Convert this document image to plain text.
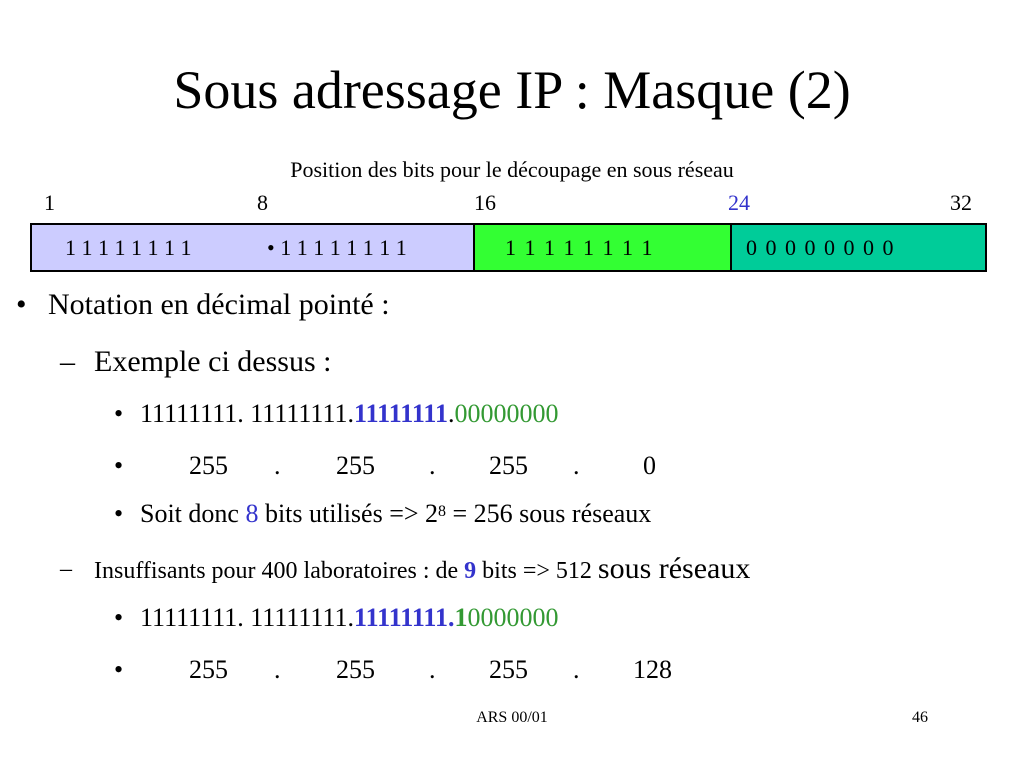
Sous adressage IP : Masque (2)
Position des bits pour le découpage en sous réseau
1	8	16	24	32
1 1 1 1 1 1 1 1	• 1 1 1 1 1 1 1 1	1 1 1 1 1 1 1 1	0 0 0 0 0 0 0 0
• Notation en décimal pointé :
– Exemple ci dessus :
• 11111111. 11111111.11111111.00000000
•	255 . 255 . 255 . 0
• Soit donc 8 bits utilisés => $2^8 = 256$ sous réseaux
– Insuffisants pour 400 laboratoires : de 9 bits => 512 sous réseaux
• 11111111. 11111111.11111111.10000000
•	255 . 255 . 255 . 128
ARS 00/01	46
